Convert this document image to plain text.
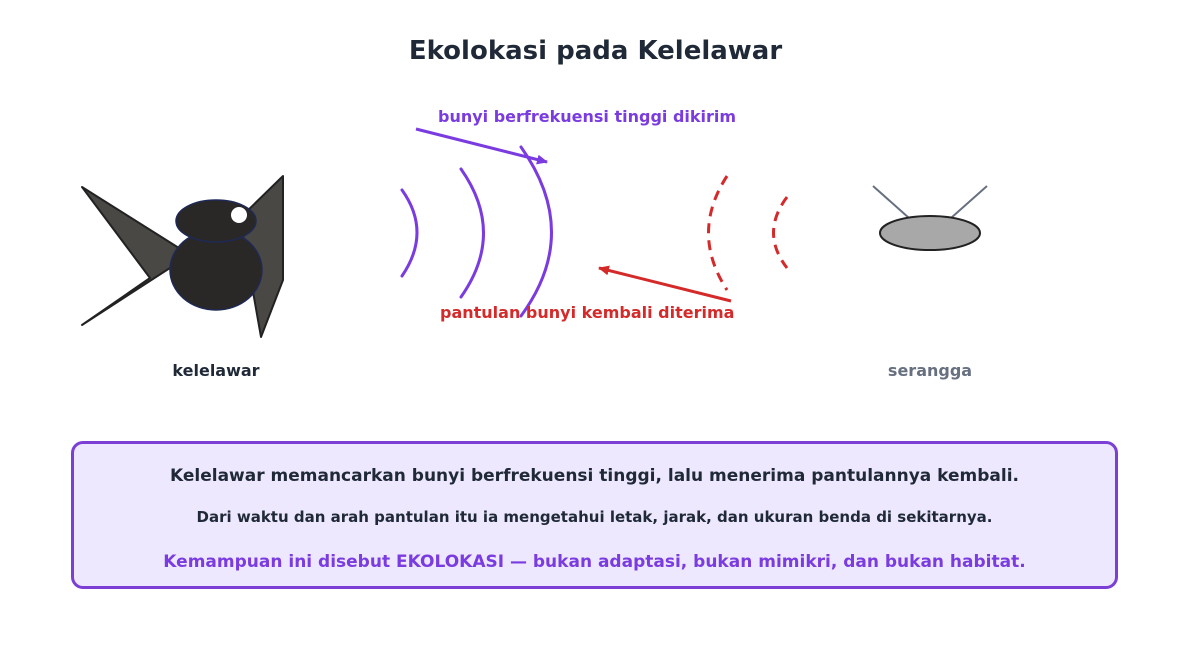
Ekolokasi pada Kelelawar
bunyi berfrekuensi tinggi dikirim
pantulan bunyi kembali diterima
kelelawar	serangga
Kelelawar memancarkan bunyi berfrekuensi tinggi, lalu menerima pantulannya kembali.
Dari waktu dan arah pantulan itu ia mengetahui letak, jarak, dan ukuran benda di sekitarnya.
Kemampuan ini disebut EKOLOKASI — bukan adaptasi, bukan mimikri, dan bukan habitat.
